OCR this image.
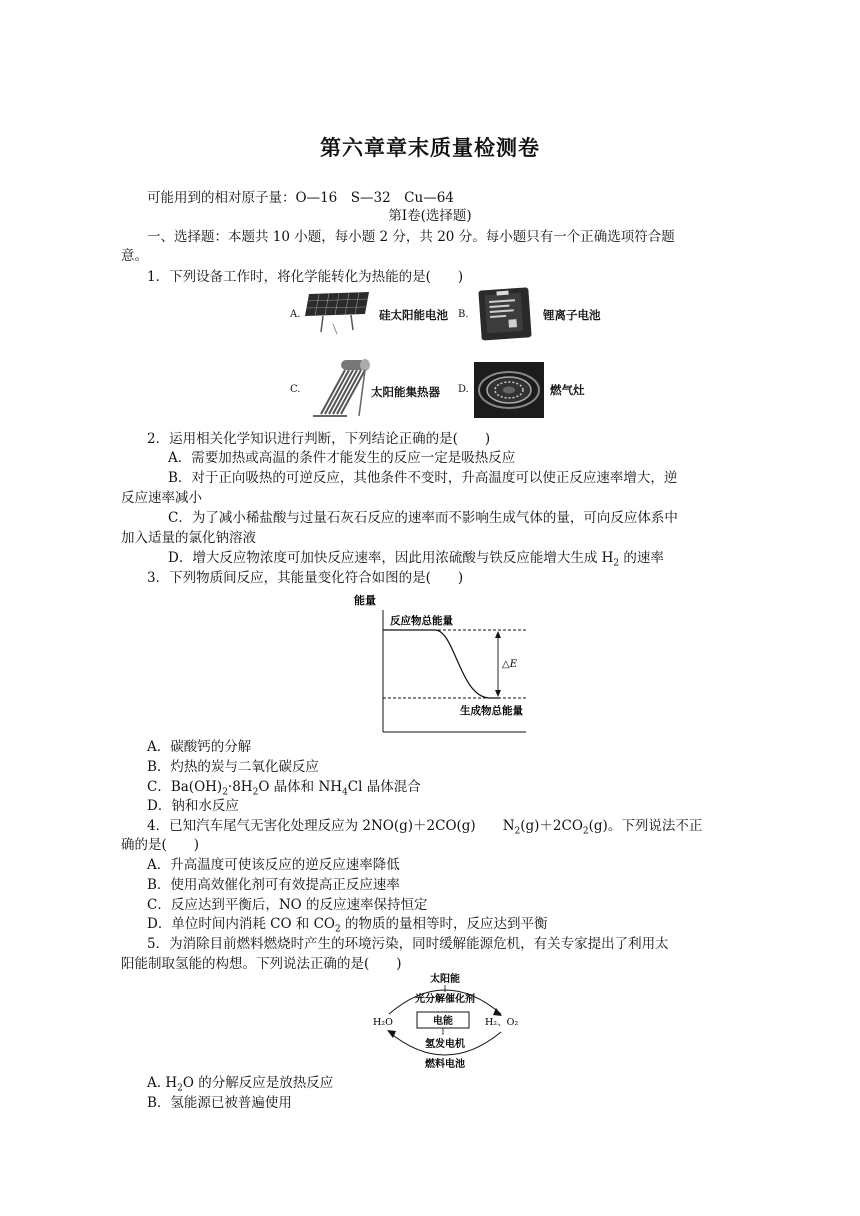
第六章章末质量检测卷
可能用到的相对原子量：O—16　S—32　Cu—64
第Ⅰ卷(选择题)
一、选择题：本题共 10 小题，每小题 2 分，共 20 分。每小题只有一个正确选项符合题
意。
1．下列设备工作时，将化学能转化为热能的是(　　)
A.	硅太阳能电池 B.	锂离子电池
C.	太阳能集热器 D.	燃气灶
2．运用相关化学知识进行判断，下列结论正确的是(　　)
A．需要加热或高温的条件才能发生的反应一定是吸热反应
B．对于正向吸热的可逆反应，其他条件不变时，升高温度可以使正反应速率增大，逆
反应速率减小
C．为了减小稀盐酸与过量石灰石反应的速率而不影响生成气体的量，可向反应体系中
加入适量的氯化钠溶液
D．增大反应物浓度可加快反应速率，因此用浓硫酸与铁反应能增大生成 $H_2$ 的速率
3．下列物质间反应，其能量变化符合如图的是(　　)
能量
反应物总能量
生成物总能量
△E
A．碳酸钙的分解
B．灼热的炭与二氧化碳反应
C．$Ba(OH)_2\cdot 8H_2O$ 晶体和 $NH_4Cl$ 晶体混合
D．钠和水反应
4．已知汽车尾气无害化处理反应为 2NO(g)＋2CO(g)　　 $N_2(g)+2CO_2(g)$。下列说法不正
确的是(　　)
A．升高温度可使该反应的逆反应速率降低
B．使用高效催化剂可有效提高正反应速率
C．反应达到平衡后，NO 的反应速率保持恒定
D．单位时间内消耗 CO 和 $CO_2$ 的物质的量相等时，反应达到平衡
5．为消除目前燃料燃烧时产生的环境污染，同时缓解能源危机，有关专家提出了利用太
阳能制取氢能的构想。下列说法正确的是(　　)
太阳能
光分解催化剂
H₂O	电能	H₂、O₂
氢发电机
燃料电池
A. $H_2O$ 的分解反应是放热反应
B．氢能源已被普遍使用
